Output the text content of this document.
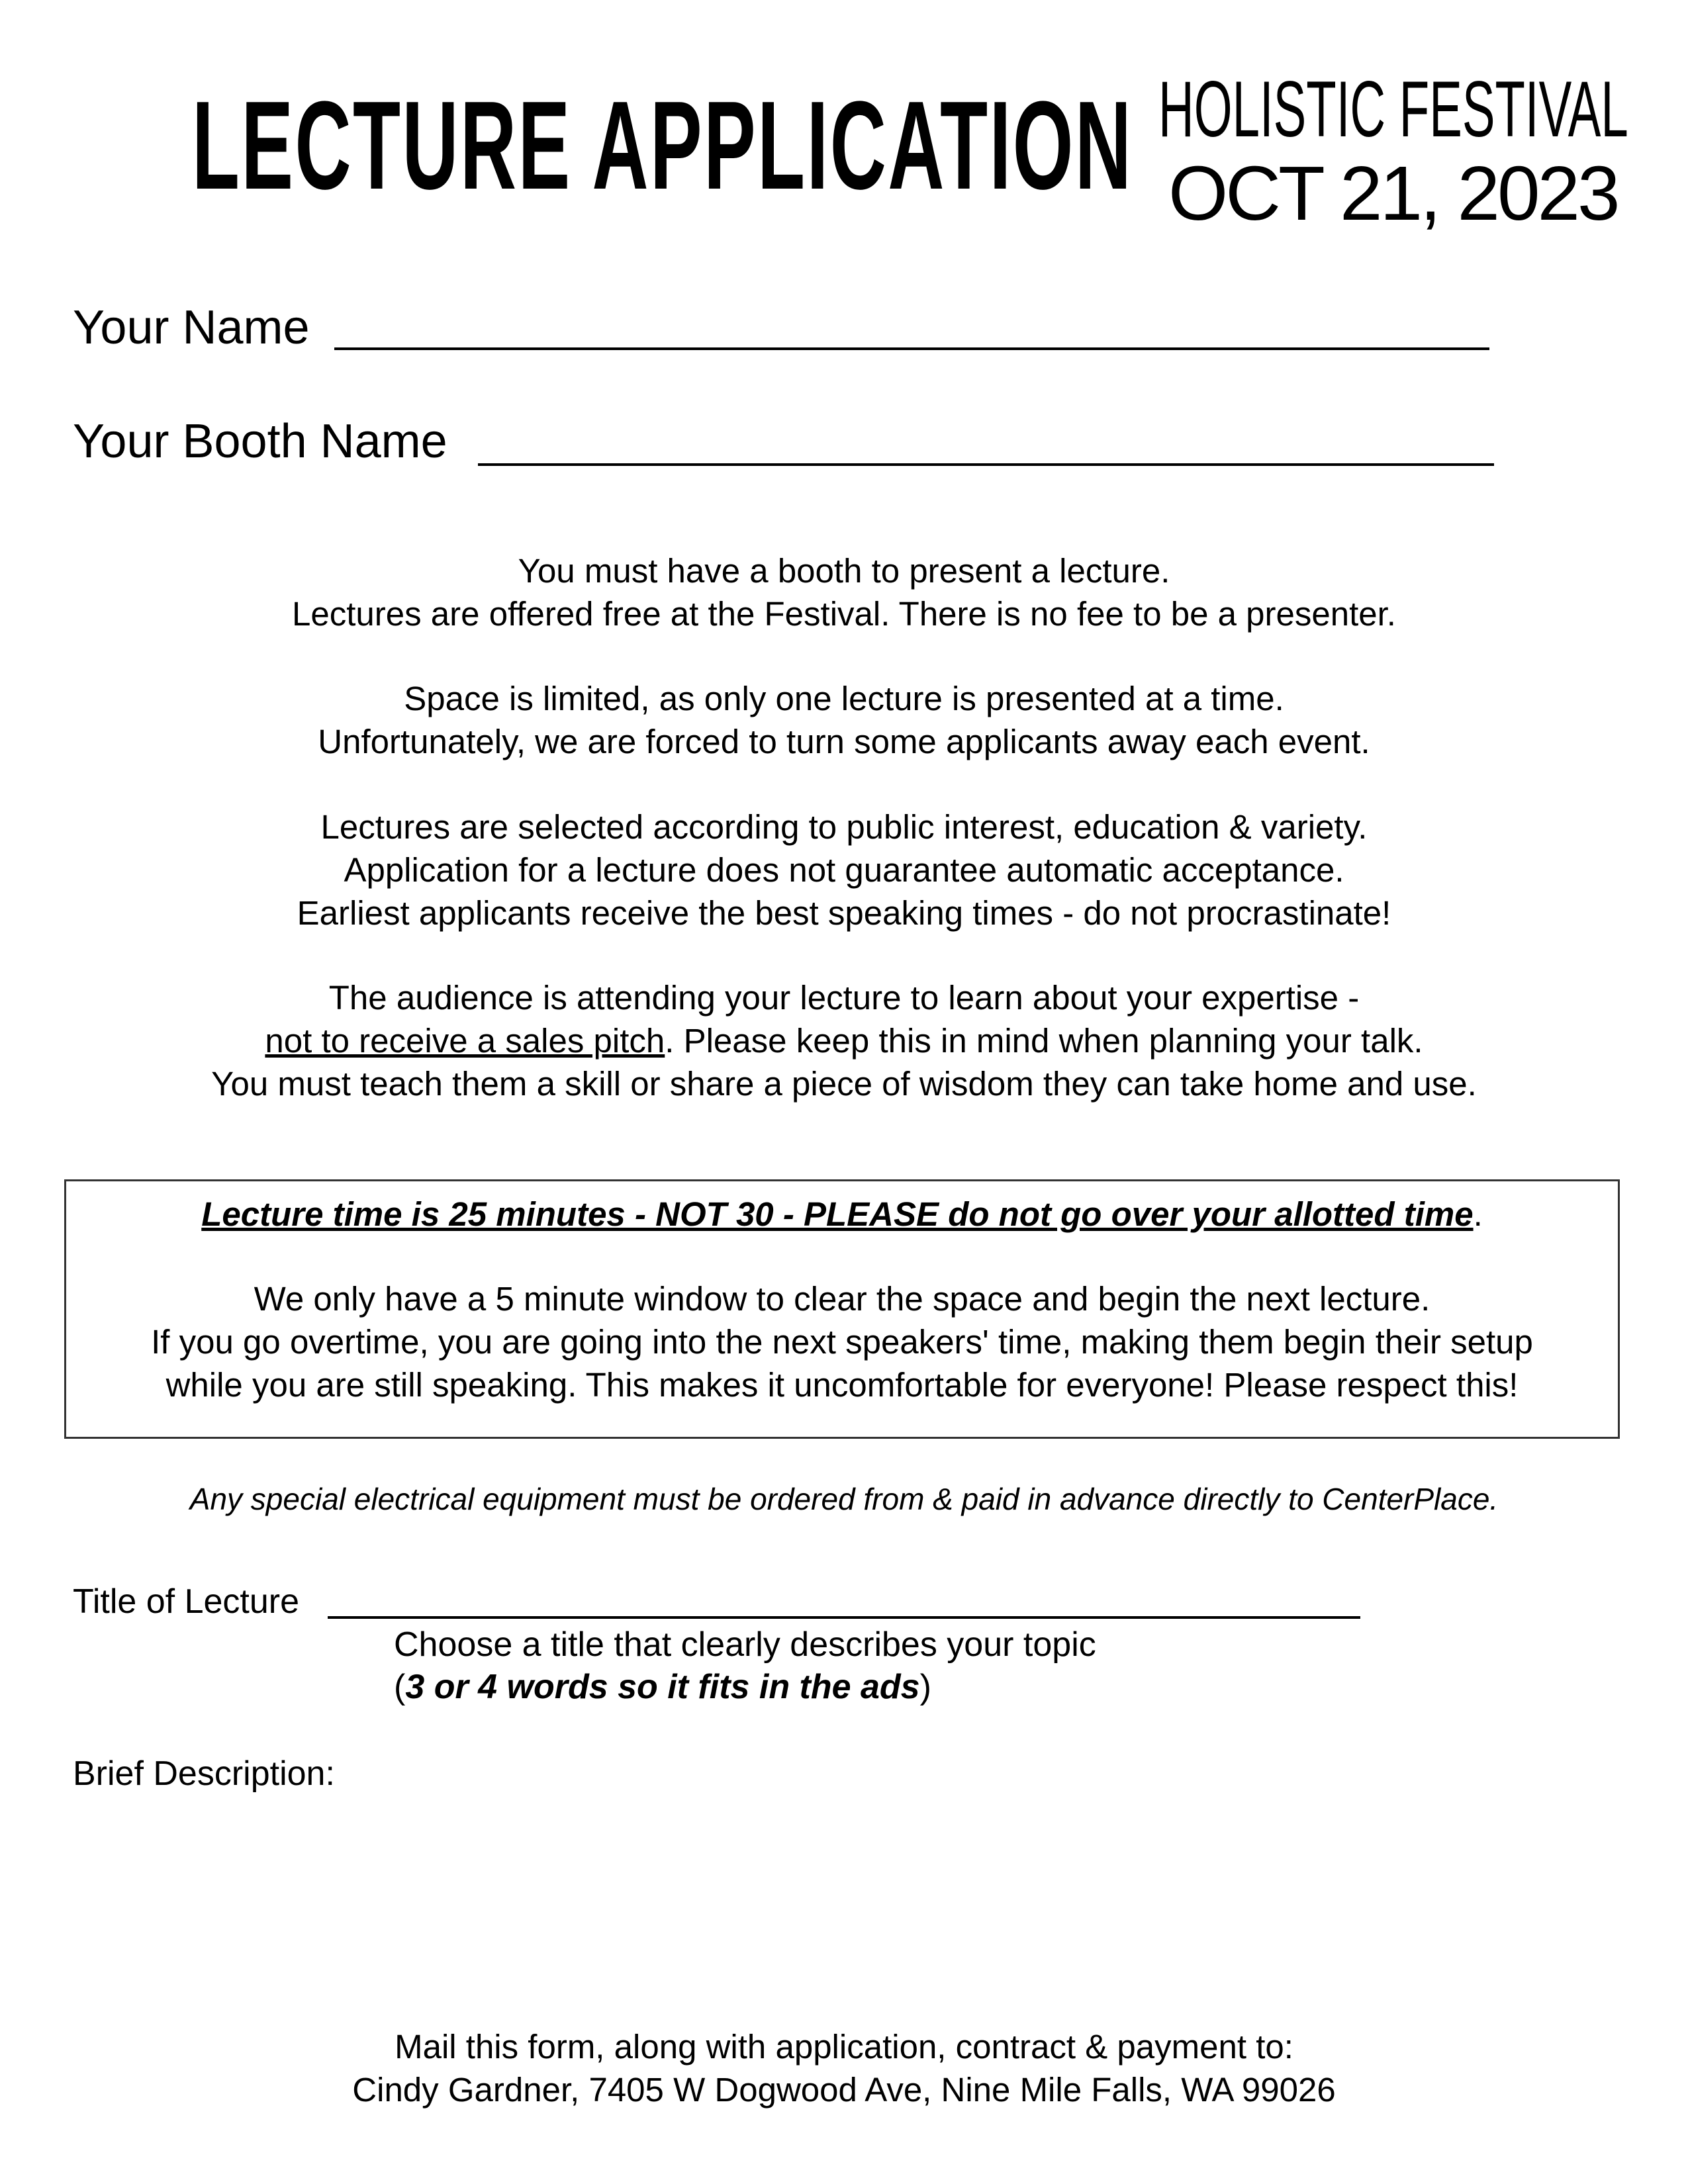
LECTURE APPLICATION HOLISTIC FESTIVAL
OCT 21, 2023
Your Name
Your Booth Name

You must have a booth to present a lecture.

Lectures are offered free at the Festival. There is no fee to be a presenter.

Space is limited, as only one lecture is presented at a time.

Unfortunately, we are forced to turn some applicants away each event.

Lectures are selected according to public interest, education & variety.

Application for a lecture does not guarantee automatic acceptance.

Earliest applicants receive the best speaking times - do not procrastinate!

The audience is attending your lecture to learn about your expertise -

not to receive a sales pitch. Please keep this in mind when planning your talk.

You must teach them a skill or share a piece of wisdom they can take home and use.

Lecture time is 25 minutes - NOT 30 - PLEASE do not go over your allotted time.

We only have a 5 minute window to clear the space and begin the next lecture.

If you go overtime, you are going into the next speakers' time, making them begin their setup

while you are still speaking. This makes it uncomfortable for everyone! Please respect this!

Any special electrical equipment must be ordered from & paid in advance directly to CenterPlace.
Title of Lecture
Choose a title that clearly describes your topic
(3 or 4 words so it fits in the ads)
Brief Description:

Mail this form, along with application, contract & payment to:

Cindy Gardner, 7405 W Dogwood Ave, Nine Mile Falls, WA 99026
